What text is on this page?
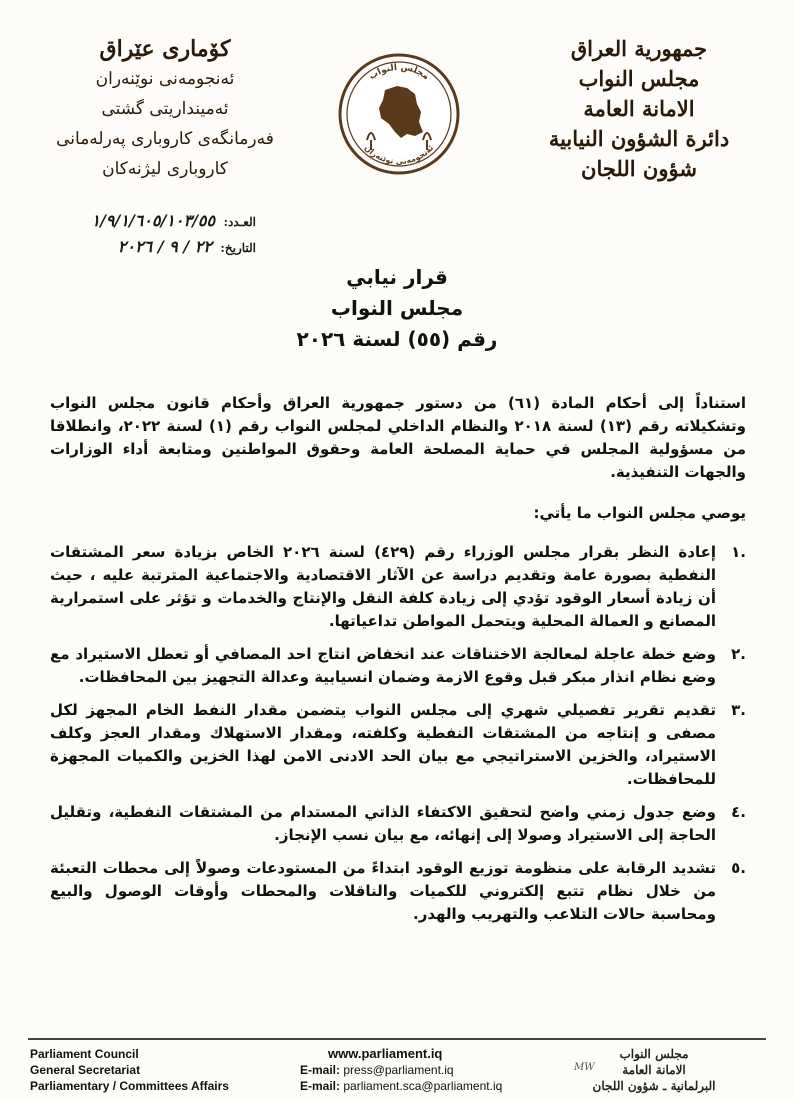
جمهورية العراق
مجلس النواب
الامانة العامة
دائرة الشؤون النيابية
شؤون اللجان
مجلس النواب
ئەنجومەنی نوێنەران
كۆماری عێراق
ئەنجومەنی نوێنەران
ئەمینداریتی گشتی
فەرمانگەی کاروباری پەرلەمانی
کاروباری لیژنەکان
العـدد: ١/٩/١/٦٠٥/١٠٣/٥٥
التاريخ: ٢٢ / ٩ / ٢٠٢٦
قرار نيابي
مجلس النواب
رقم (٥٥) لسنة ٢٠٢٦

استناداً إلى أحكام المادة (٦١) من دستور جمهورية العراق وأحكام قانون مجلس النواب وتشكيلاته رقم (١٣) لسنة ٢٠١٨ والنظام الداخلي لمجلس النواب رقم (١) لسنة ٢٠٢٢، وانطلاقا من مسؤولية المجلس في حماية المصلحة العامة وحقوق المواطنين ومتابعة أداء الوزارات والجهات التنفيذية.

يوصي مجلس النواب ما يأتي:
.١
إعادة النظر بقرار مجلس الوزراء رقم (٤٢٩) لسنة ٢٠٢٦ الخاص بزيادة سعر المشتقات النفطية بصورة عامة وتقديم دراسة عن الآثار الاقتصادية والاجتماعية المترتبة عليه ، حيث أن زيادة أسعار الوقود تؤدي إلى زيادة كلفة النقل والإنتاج والخدمات و تؤثر على استمرارية المصانع و العمالة المحلية ويتحمل المواطن تداعياتها.
.٢
وضع خطة عاجلة لمعالجة الاختناقات عند انخفاض انتاج احد المصافي أو تعطل الاستيراد مع وضع نظام انذار مبكر قبل وقوع الازمة وضمان انسيابية وعدالة التجهيز بين المحافظات.
.٣
تقديم تقرير تفصيلي شهري إلى مجلس النواب يتضمن مقدار النفط الخام المجهز لكل مصفى و إنتاجه من المشتقات النفطية وكلفته، ومقدار الاستهلاك ومقدار العجز وكلف الاستيراد، والخزين الاستراتيجي مع بيان الحد الادنى الامن لهذا الخزين والكميات المجهزة للمحافظات.
.٤
وضع جدول زمني واضح لتحقيق الاكتفاء الذاتي المستدام من المشتقات النفطية، وتقليل الحاجة إلى الاستيراد وصولا إلى إنهائه، مع بيان نسب الإنجاز.
.٥
تشديد الرقابة على منظومة توزيع الوقود ابتداءً من المستودعات وصولاً إلى محطات التعبئة من خلال نظام تتبع إلكتروني للكميات والناقلات والمحطات وأوقات الوصول والبيع ومحاسبة حالات التلاعب والتهريب والهدر.
Parliament Council
General Secretariat
Parliamentary / Committees Affairs
www.parliament.iq
E-mail: press@parliament.iq
E-mail: parliament.sca@parliament.iq
MW
مجلس النواب
الامانة العامة
البرلمانية ـ شؤون اللجان
